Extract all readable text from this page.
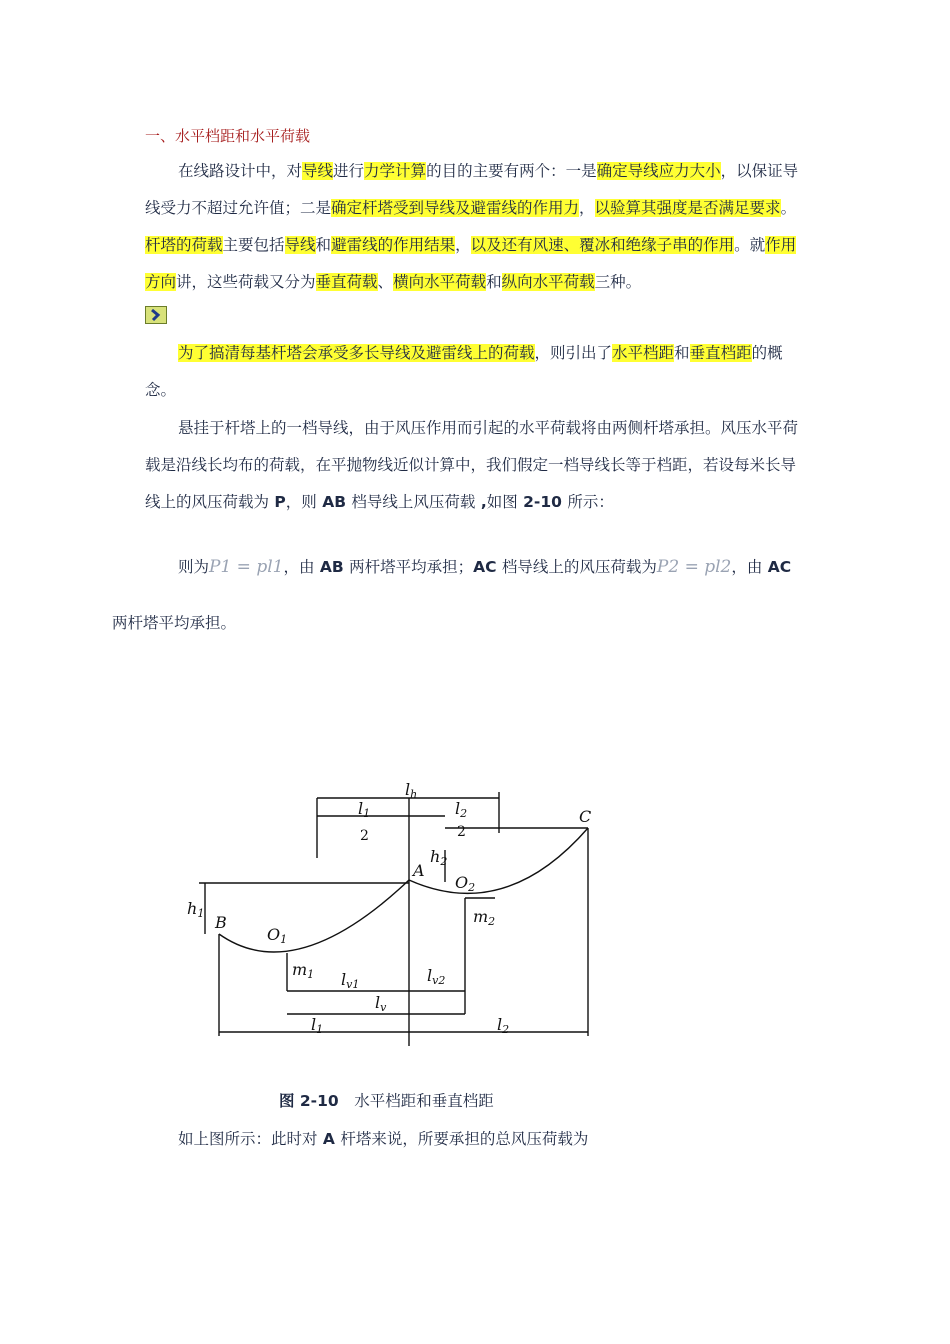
一、水平档距和水平荷载

在线路设计中，对导线进行力学计算的目的主要有两个：一是确定导线应力大小，以保证导线受力不超过允许值；二是确定杆塔受到导线及避雷线的作用力，以验算其强度是否满足要求。杆塔的荷载主要包括导线和避雷线的作用结果，以及还有风速、覆冰和绝缘子串的作用。就作用方向讲，这些荷载又分为垂直荷载、横向水平荷载和纵向水平荷载三种。

为了搞清每基杆塔会承受多长导线及避雷线上的荷载，则引出了水平档距和垂直档距的概念。

悬挂于杆塔上的一档导线，由于风压作用而引起的水平荷载将由两侧杆塔承担。风压水平荷载是沿线长均布的荷载，在平抛物线近似计算中，我们假定一档导线长等于档距，若设每米长导线上的风压荷载为 P，则 AB 档导线上风压荷载 ,如图 2-10 所示：

则为P1 = pl1，由 AB 两杆塔平均承担；AC 档导线上的风压荷载为P2 = pl2，由 AC
两杆塔平均承担。

lh
l1
2
l2
2
C
A
h2
O2
m2
h1 B
O1
m1 lv1	lv2
lv
l1	l2
图 2-10　水平档距和垂直档距
如上图所示：此时对 A 杆塔来说，所要承担的总风压荷载为
